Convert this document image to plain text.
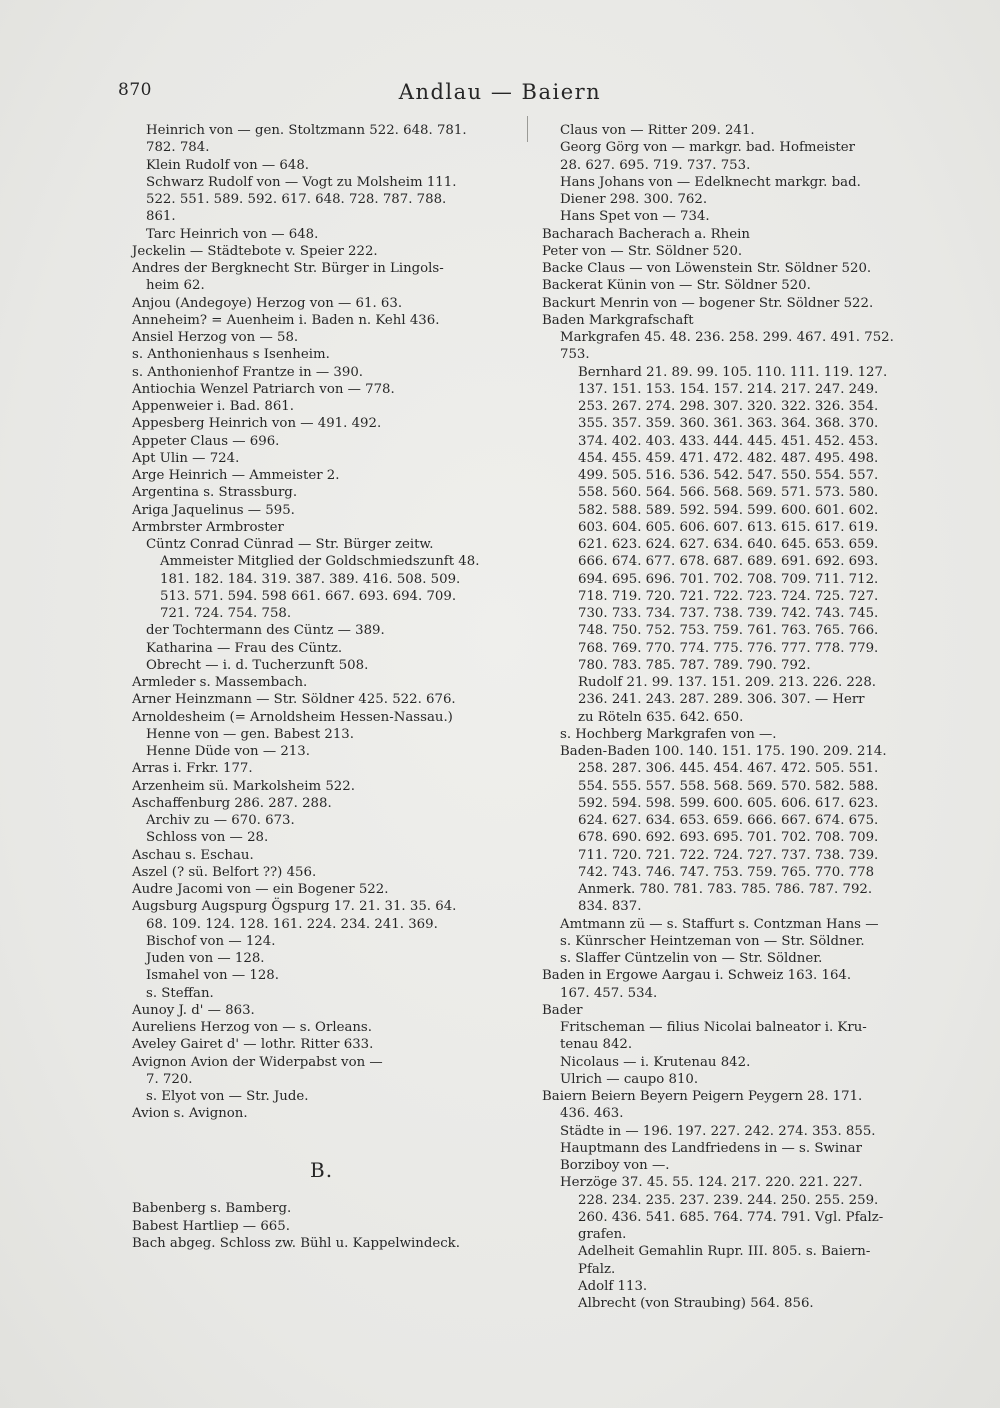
870	Andlau — Baiern
Heinrich von — gen. Stoltzmann 522. 648. 781.
782. 784.
Klein Rudolf von — 648.
Schwarz Rudolf von — Vogt zu Molsheim 111.
522. 551. 589. 592. 617. 648. 728. 787. 788.
861.
Tarc Heinrich von — 648.
Jeckelin — Städtebote v. Speier 222.
Andres der Bergknecht Str. Bürger in Lingols-
heim 62.
Anjou (Andegoye) Herzog von — 61. 63.
Anneheim? = Auenheim i. Baden n. Kehl 436.
Ansiel Herzog von — 58.
s. Anthonienhaus s Isenheim.
s. Anthonienhof Frantze in — 390.
Antiochia Wenzel Patriarch von — 778.
Appenweier i. Bad. 861.
Appesberg Heinrich von — 491. 492.
Appeter Claus — 696.
Apt Ulin — 724.
Arge Heinrich — Ammeister 2.
Argentina s. Strassburg.
Ariga Jaquelinus — 595.
Armbrster Armbroster
Cüntz Conrad Cünrad — Str. Bürger zeitw.
Ammeister Mitglied der Goldschmiedszunft 48.
181. 182. 184. 319. 387. 389. 416. 508. 509.
513. 571. 594. 598 661. 667. 693. 694. 709.
721. 724. 754. 758.
der Tochtermann des Cüntz — 389.
Katharina — Frau des Cüntz.
Obrecht — i. d. Tucherzunft 508.
Armleder s. Massembach.
Arner Heinzmann — Str. Söldner 425. 522. 676.
Arnoldesheim (= Arnoldsheim Hessen-Nassau.)
Henne von — gen. Babest 213.
Henne Düde von — 213.
Arras i. Frkr. 177.
Arzenheim sü. Markolsheim 522.
Aschaffenburg 286. 287. 288.
Archiv zu — 670. 673.
Schloss von — 28.
Aschau s. Eschau.
Aszel (? sü. Belfort ??) 456.
Audre Jacomi von — ein Bogener 522.
Augsburg Augspurg Ögspurg 17. 21. 31. 35. 64.
68. 109. 124. 128. 161. 224. 234. 241. 369.
Bischof von — 124.
Juden von — 128.
Ismahel von — 128.
s. Steffan.
Aunoy J. d' — 863.
Aureliens Herzog von — s. Orleans.
Aveley Gairet d' — lothr. Ritter 633.
Avignon Avion der Widerpabst von —
7. 720.
s. Elyot von — Str. Jude.
Avion s. Avignon.
B.
Babenberg s. Bamberg.
Babest Hartliep — 665.
Bach abgeg. Schloss zw. Bühl u. Kappelwindeck.
Claus von — Ritter 209. 241.
Georg Görg von — markgr. bad. Hofmeister
28. 627. 695. 719. 737. 753.
Hans Johans von — Edelknecht markgr. bad.
Diener 298. 300. 762.
Hans Spet von — 734.
Bacharach Bacherach a. Rhein
Peter von — Str. Söldner 520.
Backe Claus — von Löwenstein Str. Söldner 520.
Backerat Künin von — Str. Söldner 520.
Backurt Menrin von — bogener Str. Söldner 522.
Baden Markgrafschaft
Markgrafen 45. 48. 236. 258. 299. 467. 491. 752.
753.
Bernhard 21. 89. 99. 105. 110. 111. 119. 127.
137. 151. 153. 154. 157. 214. 217. 247. 249.
253. 267. 274. 298. 307. 320. 322. 326. 354.
355. 357. 359. 360. 361. 363. 364. 368. 370.
374. 402. 403. 433. 444. 445. 451. 452. 453.
454. 455. 459. 471. 472. 482. 487. 495. 498.
499. 505. 516. 536. 542. 547. 550. 554. 557.
558. 560. 564. 566. 568. 569. 571. 573. 580.
582. 588. 589. 592. 594. 599. 600. 601. 602.
603. 604. 605. 606. 607. 613. 615. 617. 619.
621. 623. 624. 627. 634. 640. 645. 653. 659.
666. 674. 677. 678. 687. 689. 691. 692. 693.
694. 695. 696. 701. 702. 708. 709. 711. 712.
718. 719. 720. 721. 722. 723. 724. 725. 727.
730. 733. 734. 737. 738. 739. 742. 743. 745.
748. 750. 752. 753. 759. 761. 763. 765. 766.
768. 769. 770. 774. 775. 776. 777. 778. 779.
780. 783. 785. 787. 789. 790. 792.
Rudolf 21. 99. 137. 151. 209. 213. 226. 228.
236. 241. 243. 287. 289. 306. 307. — Herr
zu Röteln 635. 642. 650.
s. Hochberg Markgrafen von —.
Baden-Baden 100. 140. 151. 175. 190. 209. 214.
258. 287. 306. 445. 454. 467. 472. 505. 551.
554. 555. 557. 558. 568. 569. 570. 582. 588.
592. 594. 598. 599. 600. 605. 606. 617. 623.
624. 627. 634. 653. 659. 666. 667. 674. 675.
678. 690. 692. 693. 695. 701. 702. 708. 709.
711. 720. 721. 722. 724. 727. 737. 738. 739.
742. 743. 746. 747. 753. 759. 765. 770. 778
Anmerk. 780. 781. 783. 785. 786. 787. 792.
834. 837.
Amtmann zü — s. Staffurt s. Contzman Hans —
s. Künrscher Heintzeman von — Str. Söldner.
s. Slaffer Cüntzelin von — Str. Söldner.
Baden in Ergowe Aargau i. Schweiz 163. 164.
167. 457. 534.
Bader
Fritscheman — filius Nicolai balneator i. Kru-
tenau 842.
Nicolaus — i. Krutenau 842.
Ulrich — caupo 810.
Baiern Beiern Beyern Peigern Peygern 28. 171.
436. 463.
Städte in — 196. 197. 227. 242. 274. 353. 855.
Hauptmann des Landfriedens in — s. Swinar
Borziboy von —.
Herzöge 37. 45. 55. 124. 217. 220. 221. 227.
228. 234. 235. 237. 239. 244. 250. 255. 259.
260. 436. 541. 685. 764. 774. 791. Vgl. Pfalz-
grafen.
Adelheit Gemahlin Rupr. III. 805. s. Baiern-
Pfalz.
Adolf 113.
Albrecht (von Straubing) 564. 856.
